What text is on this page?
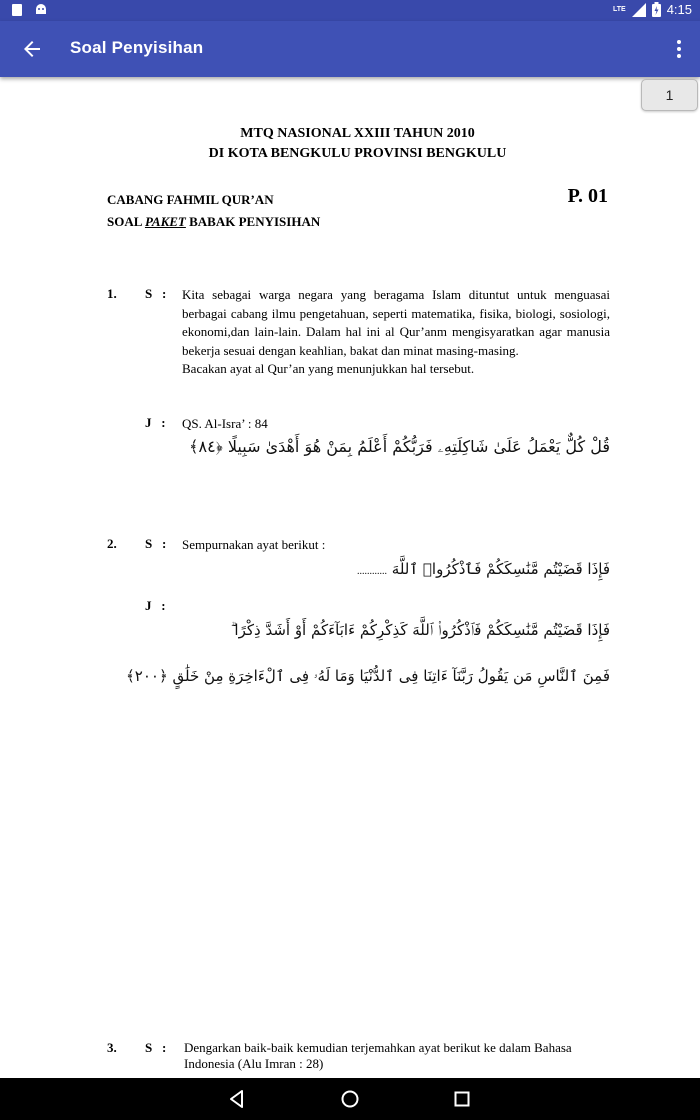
LTE	4:15
Soal Penyisihan
1
MTQ NASIONAL XXIII TAHUN 2010
DI KOTA BENGKULU PROVINSI BENGKULU
CABANG FAHMIL QUR’AN
SOAL PAKET BABAK PENYISIHAN
P. 01
1. S : Kita sebagai warga negara yang beragama Islam dituntut untuk menguasai berbagai cabang ilmu pengetahuan, seperti matematika, fisika, biologi, sosiologi, ekonomi,dan lain-lain. Dalam hal ini al Qur’anm mengisyaratkan agar manusia bekerja sesuai dengan keahlian, bakat dan minat masing-masing.
Bacakan ayat al Qur’an yang menunjukkan hal tersebut.
J : QS. Al-Isra’ : 84
قُلْ كُلٌّ يَعْمَلُ عَلَىٰ شَاكِلَتِهِۦ فَرَبُّكُمْ أَعْلَمُ بِمَنْ هُوَ أَهْدَىٰ سَبِيلًا ﴿٨٤﴾
2. S : Sempurnakan ayat berikut :
فَإِذَا قَضَيْتُم مَّنَٰسِكَكُمْ فَٱذْكُرُوا۟ ٱللَّهَ ............
J :
فَإِذَا قَضَيْتُم مَّنَٰسِكَكُمْ فَٱذْكُرُوا۟ ٱللَّهَ كَذِكْرِكُمْ ءَابَآءَكُمْ أَوْ أَشَدَّ ذِكْرًا ۗ
فَمِنَ ٱلنَّاسِ مَن يَقُولُ رَبَّنَآ ءَاتِنَا فِى ٱلدُّنْيَا وَمَا لَهُۥ فِى ٱلْءَاخِرَةِ مِنْ خَلَٰقٍ ﴿٢٠٠﴾
3. S : Dengarkan baik-baik kemudian terjemahkan ayat berikut ke dalam Bahasa Indonesia (Alu Imran : 28)
